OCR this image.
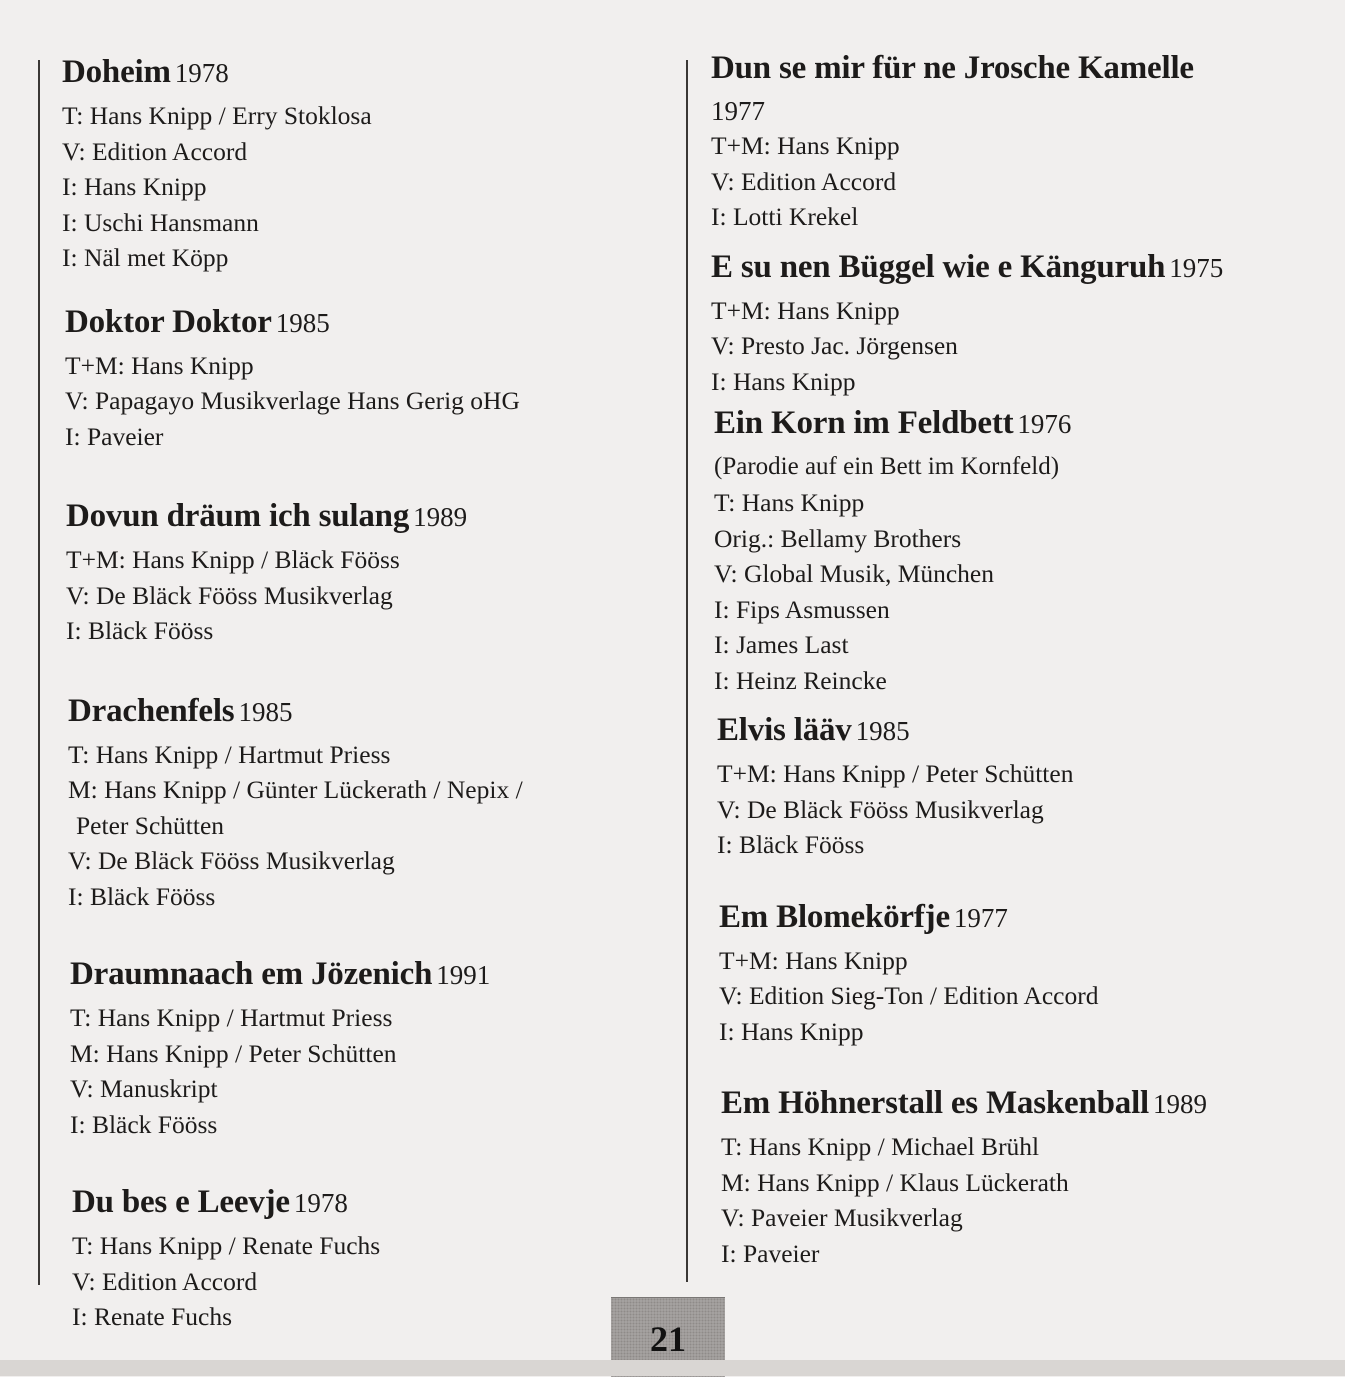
Doheim 1978

T: Hans Knipp / Erry Stoklosa

V: Edition Accord

I: Hans Knipp

I: Uschi Hansmann

I: Näl met Köpp

Doktor Doktor 1985

T+M: Hans Knipp

V: Papagayo Musikverlage Hans Gerig oHG

I: Paveier

Dovun dräum ich sulang 1989

T+M: Hans Knipp / Bläck Fööss

V: De Bläck Fööss Musikverlag

I: Bläck Fööss

Drachenfels 1985

T: Hans Knipp / Hartmut Priess

M: Hans Knipp / Günter Lückerath / Nepix /

Peter Schütten

V: De Bläck Fööss Musikverlag

I: Bläck Fööss

Draumnaach em Jözenich 1991

T: Hans Knipp / Hartmut Priess

M: Hans Knipp / Peter Schütten

V: Manuskript

I: Bläck Fööss

Du bes e Leevje 1978

T: Hans Knipp / Renate Fuchs

V: Edition Accord

I: Renate Fuchs

Dun se mir für ne Jrosche Kamelle

1977

T+M: Hans Knipp

V: Edition Accord

I: Lotti Krekel

E su nen Büggel wie e Känguruh 1975

T+M: Hans Knipp

V: Presto Jac. Jörgensen

I: Hans Knipp

Ein Korn im Feldbett 1976

(Parodie auf ein Bett im Kornfeld)

T: Hans Knipp

Orig.: Bellamy Brothers

V: Global Musik, München

I: Fips Asmussen

I: James Last

I: Heinz Reincke

Elvis lääv 1985

T+M: Hans Knipp / Peter Schütten

V: De Bläck Fööss Musikverlag

I: Bläck Fööss

Em Blomekörfje 1977

T+M: Hans Knipp

V: Edition Sieg-Ton / Edition Accord

I: Hans Knipp

Em Höhnerstall es Maskenball 1989

T: Hans Knipp / Michael Brühl

M: Hans Knipp / Klaus Lückerath

V: Paveier Musikverlag

I: Paveier

21
